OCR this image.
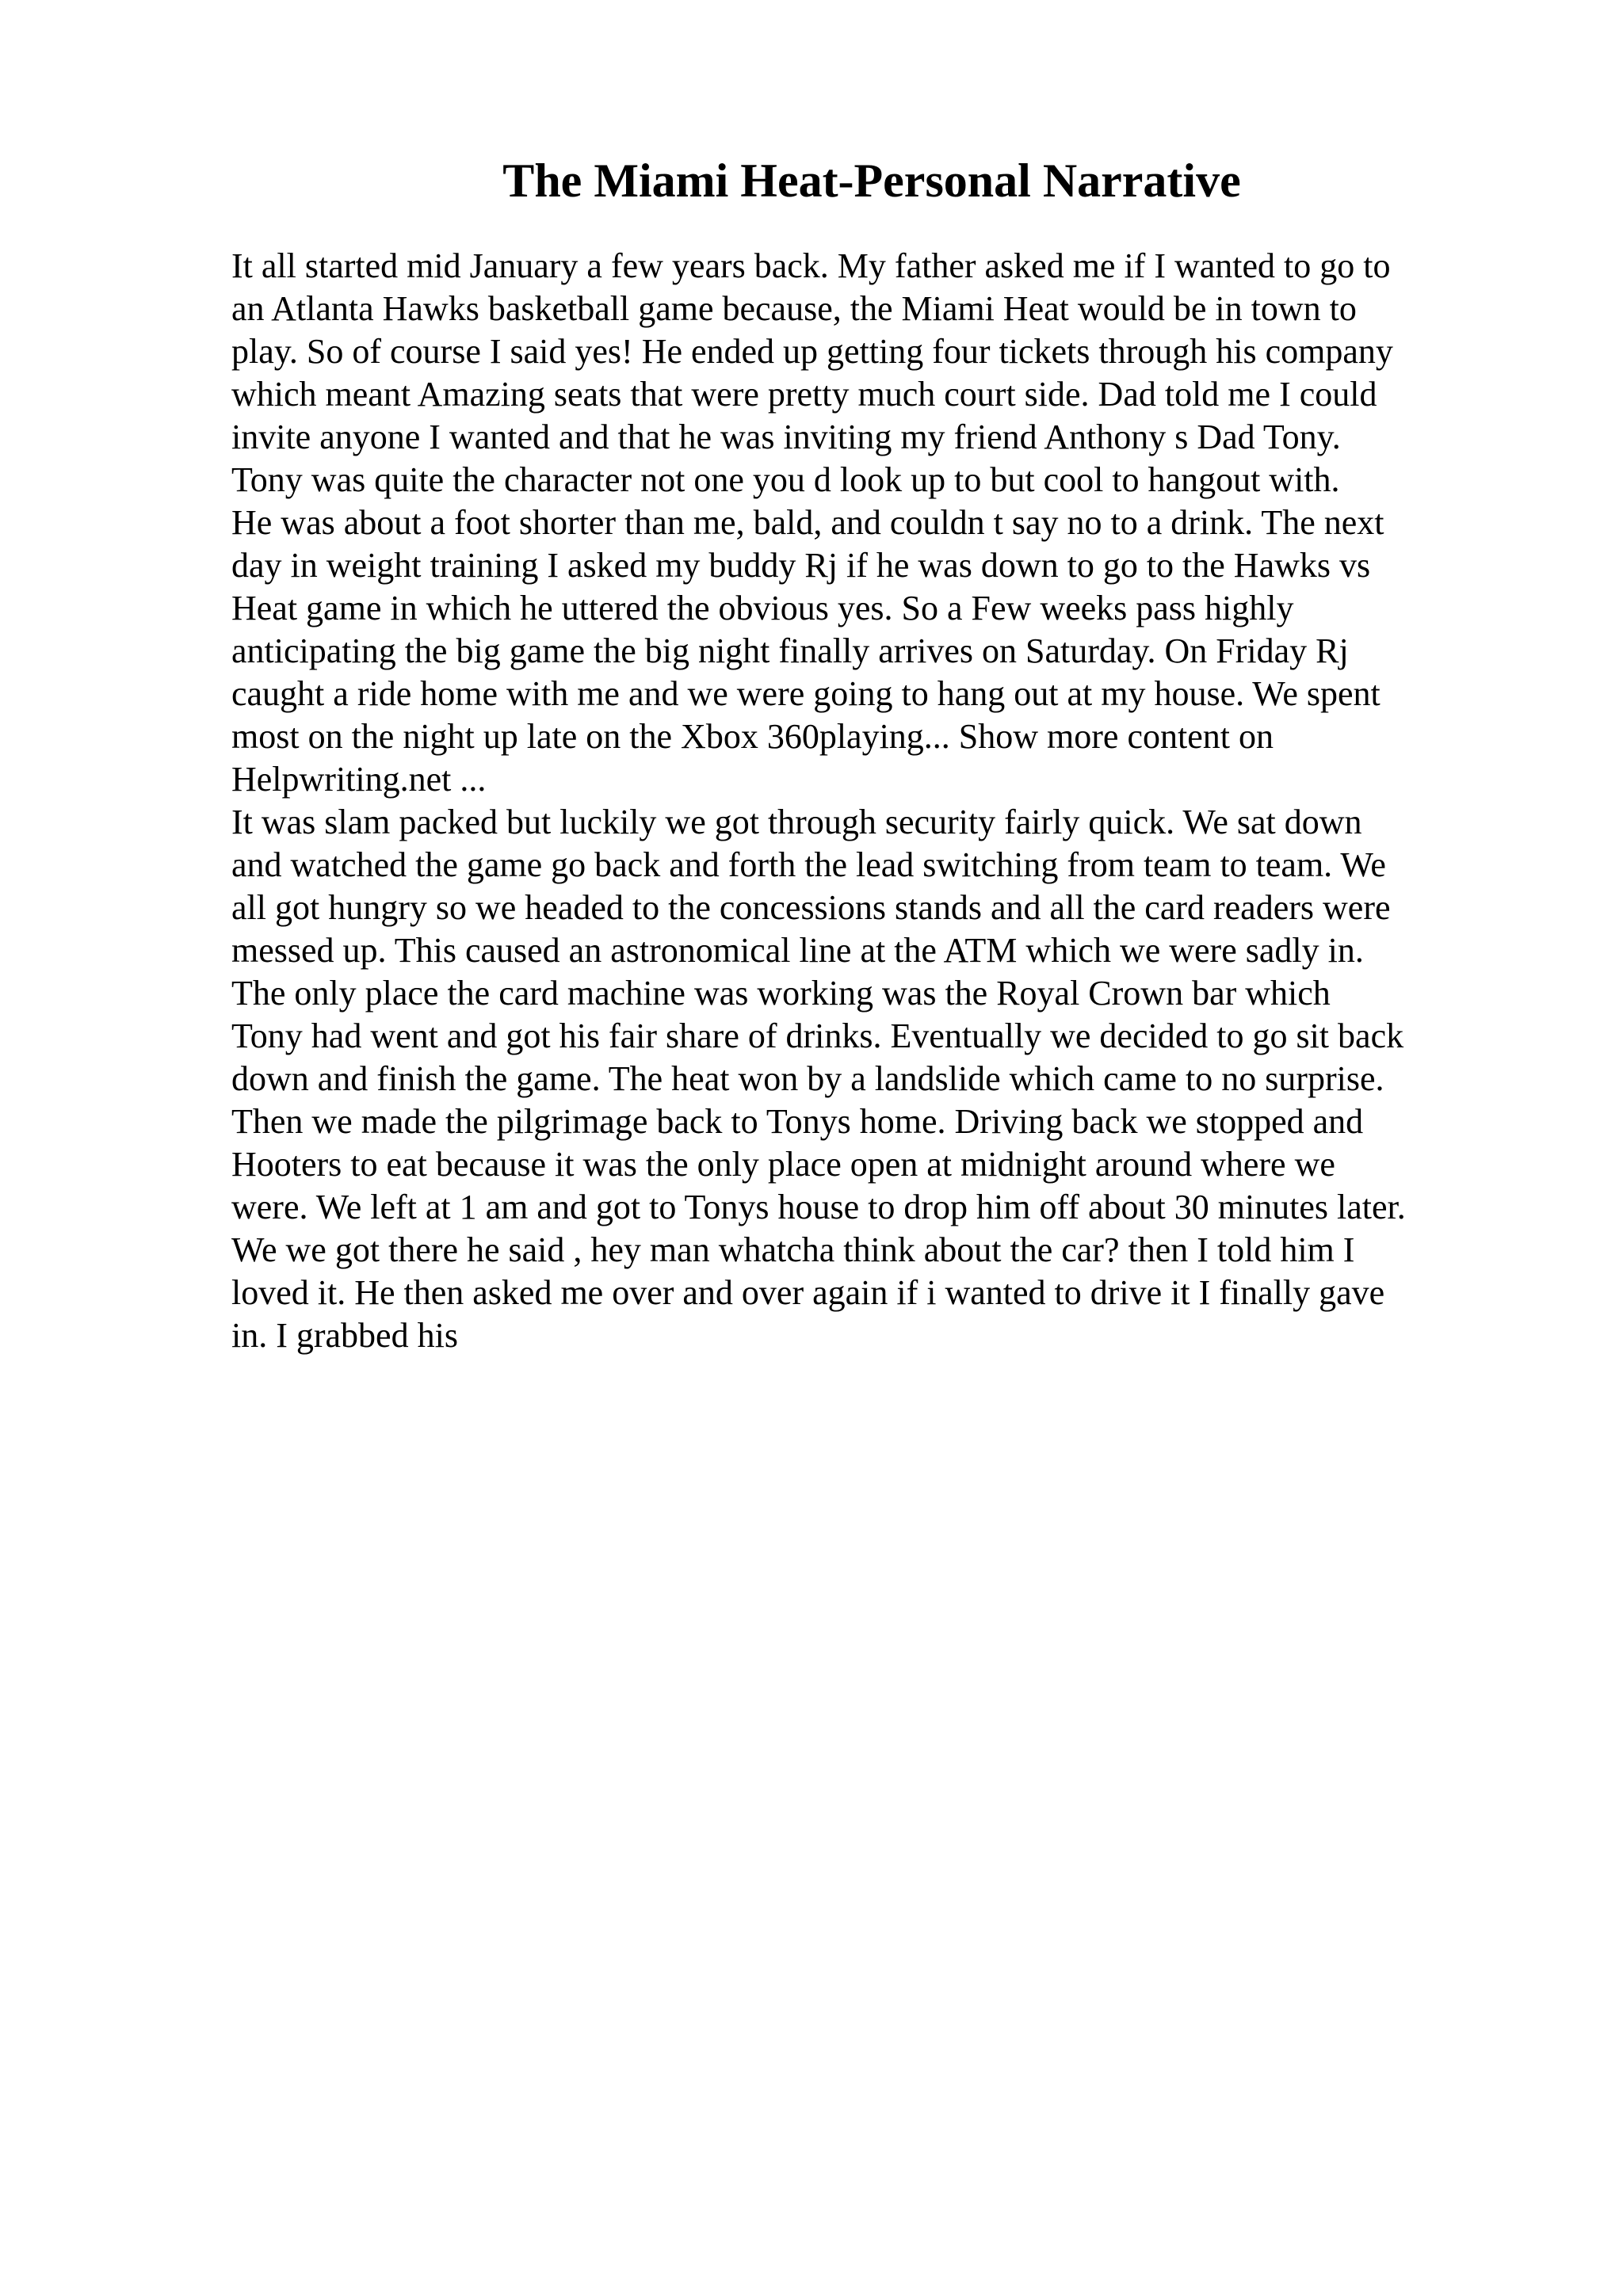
The Miami Heat-Personal Narrative
It all started mid January a few years back. My father asked me if I wanted to go to
an Atlanta Hawks basketball game because, the Miami Heat would be in town to
play. So of course I said yes! He ended up getting four tickets through his company
which meant Amazing seats that were pretty much court side. Dad told me I could
invite anyone I wanted and that he was inviting my friend Anthony s Dad Tony.
Tony was quite the character not one you d look up to but cool to hangout with.
He was about a foot shorter than me, bald, and couldn t say no to a drink. The next
day in weight training I asked my buddy Rj if he was down to go to the Hawks vs
Heat game in which he uttered the obvious yes. So a Few weeks pass highly
anticipating the big game the big night finally arrives on Saturday. On Friday Rj
caught a ride home with me and we were going to hang out at my house. We spent
most on the night up late on the Xbox 360playing... Show more content on
Helpwriting.net ...
It was slam packed but luckily we got through security fairly quick. We sat down
and watched the game go back and forth the lead switching from team to team. We
all got hungry so we headed to the concessions stands and all the card readers were
messed up. This caused an astronomical line at the ATM which we were sadly in.
The only place the card machine was working was the Royal Crown bar which
Tony had went and got his fair share of drinks. Eventually we decided to go sit back
down and finish the game. The heat won by a landslide which came to no surprise.
Then we made the pilgrimage back to Tonys home. Driving back we stopped and
Hooters to eat because it was the only place open at midnight around where we
were. We left at 1 am and got to Tonys house to drop him off about 30 minutes later.
We we got there he said , hey man whatcha think about the car? then I told him I
loved it. He then asked me over and over again if i wanted to drive it I finally gave
in. I grabbed his
